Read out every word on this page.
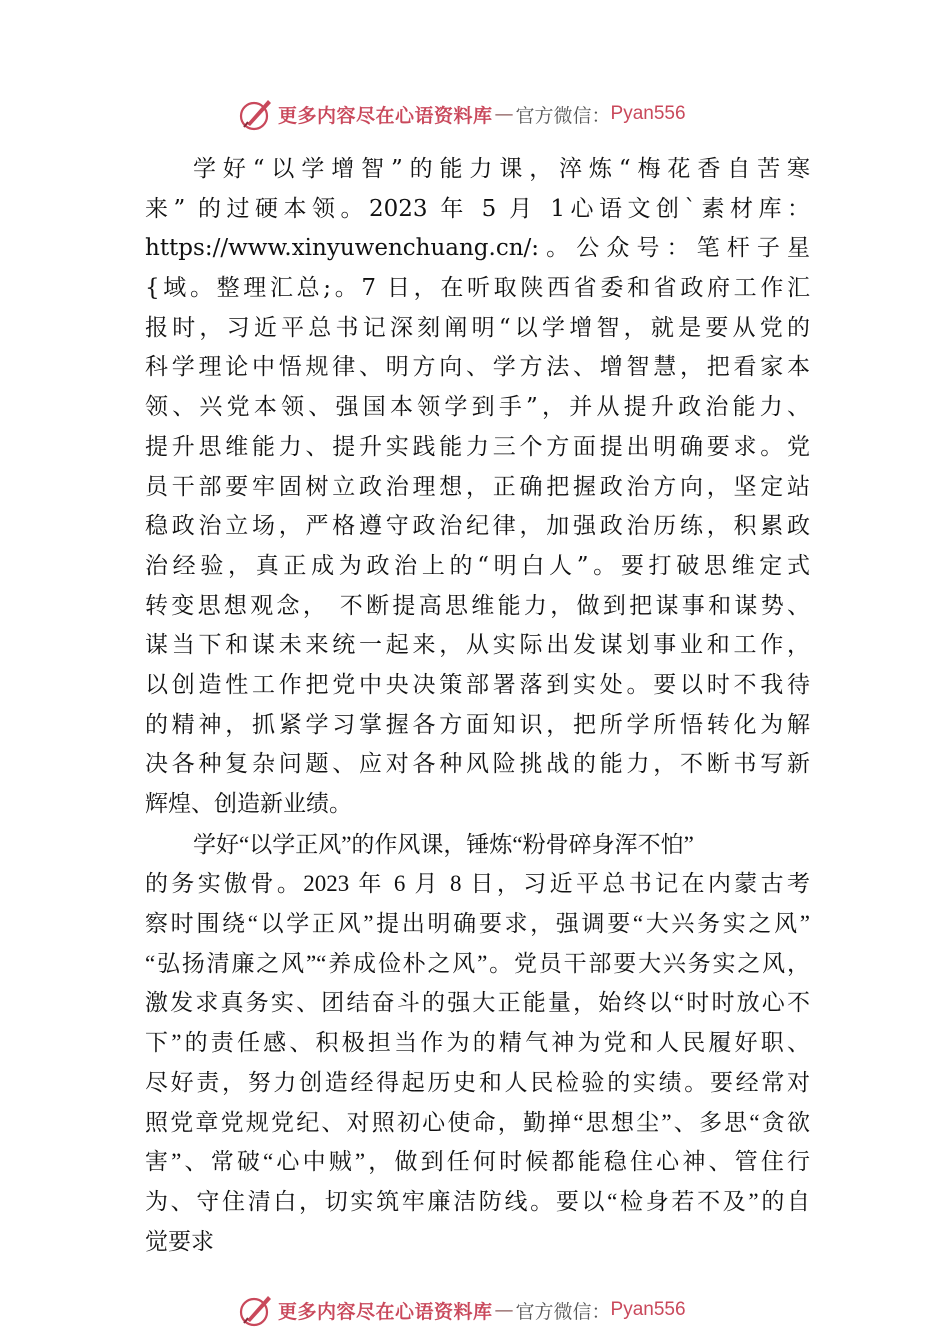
更多内容尽在心语资料库 — 官方微信： Pyan556
学好“以学增智”的能力课，淬炼“梅花香自苦寒
来” 的过硬本领。2023 年 5 月 1心语文创`素材库：
https://www.xinyuwenchuang.cn/:。公众号：笔杆子星
{域。整理汇总;。7 日，在听取陕西省委和省政府工作汇
报时，习近平总书记深刻阐明“以学增智，就是要从党的
科学理论中悟规律、明方向、学方法、增智慧，把看家本
领、兴党本领、强国本领学到手”，并从提升政治能力、
提升思维能力、提升实践能力三个方面提出明确要求。党
员干部要牢固树立政治理想，正确把握政治方向，坚定站
稳政治立场，严格遵守政治纪律，加强政治历练，积累政
治经验，真正成为政治上的“明白人”。要打破思维定式
转变思想观念， 不断提高思维能力，做到把谋事和谋势、
谋当下和谋未来统一起来，从实际出发谋划事业和工作，
以创造性工作把党中央决策部署落到实处。要以时不我待
的精神，抓紧学习掌握各方面知识，把所学所悟转化为解
决各种复杂问题、应对各种风险挑战的能力，不断书写新
辉煌、创造新业绩。
学好“以学正风”的作风课，锤炼“粉骨碎身浑不怕”
的务实傲骨。2023 年 6 月 8 日，习近平总书记在内蒙古考
察时围绕“以学正风”提出明确要求，强调要“大兴务实之风”
“弘扬清廉之风”“养成俭朴之风”。党员干部要大兴务实之风，
激发求真务实、团结奋斗的强大正能量，始终以“时时放心不
下”的责任感、积极担当作为的精气神为党和人民履好职、
尽好责，努力创造经得起历史和人民检验的实绩。要经常对
照党章党规党纪、对照初心使命，勤掸“思想尘”、多思“贪欲
害”、常破“心中贼”，做到任何时候都能稳住心神、管住行
为、守住清白，切实筑牢廉洁防线。要以“检身若不及”的自
觉要求
更多内容尽在心语资料库 — 官方微信： Pyan556
